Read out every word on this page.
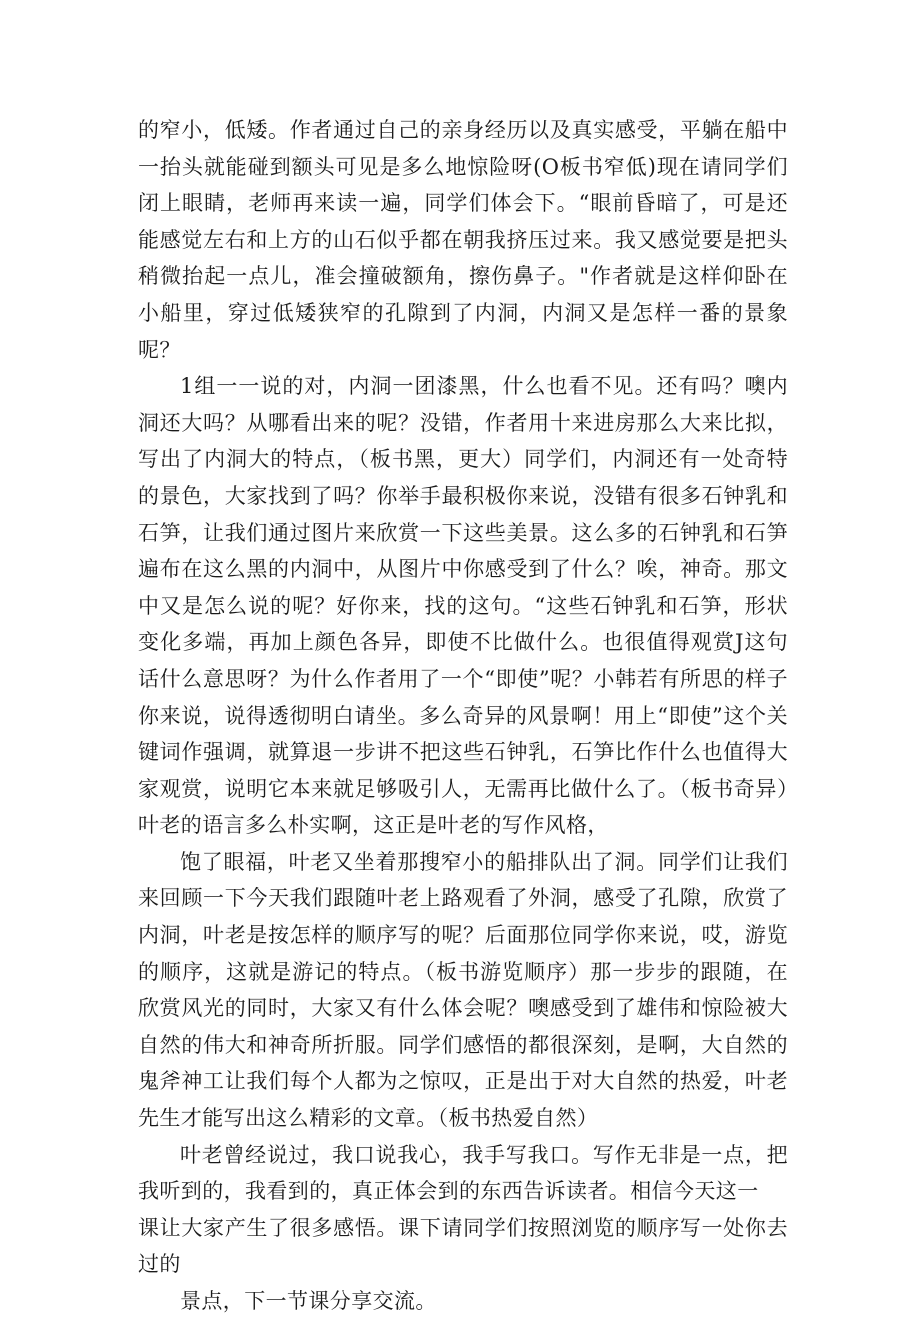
的窄小，低矮。作者通过自己的亲身经历以及真实感受，平躺在船中一抬头就能碰到额头可见是多么地惊险呀(O板书窄低)现在请同学们闭上眼睛，老师再来读一遍，同学们体会下。“眼前昏暗了，可是还能感觉左右和上方的山石似乎都在朝我挤压过来。我又感觉要是把头稍微抬起一点儿，准会撞破额角，擦伤鼻子。"作者就是这样仰卧在小船里，穿过低矮狭窄的孔隙到了内洞，内洞又是怎样一番的景象呢？

1组一一说的对，内洞一团漆黑，什么也看不见。还有吗？噢内洞还大吗？从哪看出来的呢？没错，作者用十来进房那么大来比拟，写出了内洞大的特点，（板书黑，更大）同学们，内洞还有一处奇特的景色，大家找到了吗？你举手最积极你来说，没错有很多石钟乳和石笋，让我们通过图片来欣赏一下这些美景。这么多的石钟乳和石笋遍布在这么黑的内洞中，从图片中你感受到了什么？唉，神奇。那文中又是怎么说的呢？好你来，找的这句。“这些石钟乳和石笋，形状变化多端，再加上颜色各异，即使不比做什么。也很值得观赏J这句话什么意思呀？为什么作者用了一个“即使”呢？小韩若有所思的样子你来说，说得透彻明白请坐。多么奇异的风景啊！用上“即使”这个关键词作强调，就算退一步讲不把这些石钟乳，石笋比作什么也值得大家观赏，说明它本来就足够吸引人，无需再比做什么了。（板书奇异）叶老的语言多么朴实啊，这正是叶老的写作风格，

饱了眼福，叶老又坐着那搜窄小的船排队出了洞。同学们让我们来回顾一下今天我们跟随叶老上路观看了外洞，感受了孔隙，欣赏了内洞，叶老是按怎样的顺序写的呢？后面那位同学你来说，哎，游览的顺序，这就是游记的特点。（板书游览顺序）那一步步的跟随，在欣赏风光的同时，大家又有什么体会呢？噢感受到了雄伟和惊险被大自然的伟大和神奇所折服。同学们感悟的都很深刻，是啊，大自然的鬼斧神工让我们每个人都为之惊叹，正是出于对大自然的热爱，叶老先生才能写出这么精彩的文章。（板书热爱自然）

叶老曾经说过，我口说我心，我手写我口。写作无非是一点，把我听到的，我看到的，真正体会到的东西告诉读者。相信今天这一

课让大家产生了很多感悟。课下请同学们按照浏览的顺序写一处你去过的

景点，下一节课分享交流。
